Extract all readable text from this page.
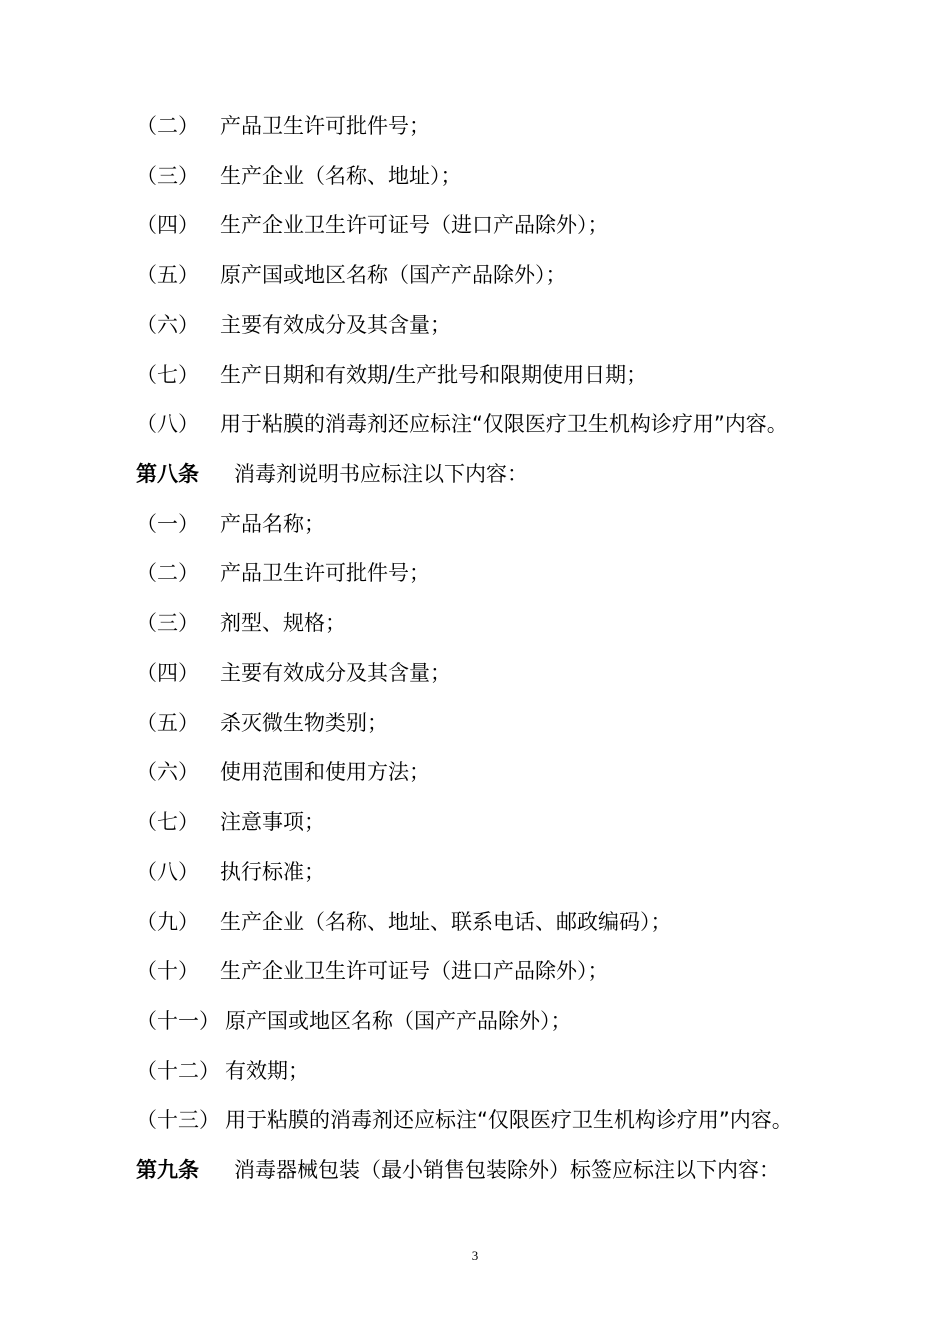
（二） 产品卫生许可批件号；
（三） 生产企业（名称、地址）；
（四） 生产企业卫生许可证号（进口产品除外）；
（五） 原产国或地区名称（国产产品除外）；
（六） 主要有效成分及其含量；
（七） 生产日期和有效期/生产批号和限期使用日期；
（八） 用于粘膜的消毒剂还应标注“仅限医疗卫生机构诊疗用”内容。
第八条 消毒剂说明书应标注以下内容：
（一） 产品名称；
（二） 产品卫生许可批件号；
（三） 剂型、规格；
（四） 主要有效成分及其含量；
（五） 杀灭微生物类别；
（六） 使用范围和使用方法；
（七） 注意事项；
（八） 执行标准；
（九） 生产企业（名称、地址、联系电话、邮政编码）；
（十） 生产企业卫生许可证号（进口产品除外）；
（十一） 原产国或地区名称（国产产品除外）；
（十二） 有效期；
（十三） 用于粘膜的消毒剂还应标注“仅限医疗卫生机构诊疗用”内容。
第九条 消毒器械包装（最小销售包装除外）标签应标注以下内容：
3
